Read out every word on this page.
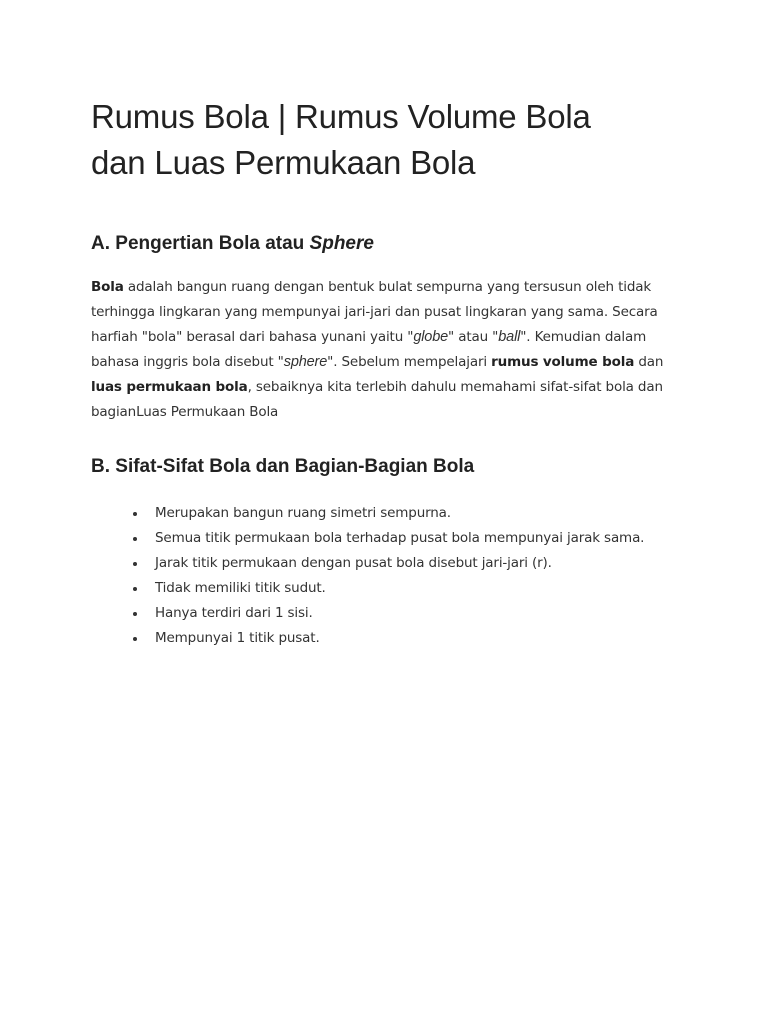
Rumus Bola | Rumus Volume Bola
dan Luas Permukaan Bola
A. Pengertian Bola atau Sphere

Bola adalah bangun ruang dengan bentuk bulat sempurna yang tersusun oleh tidak terhingga lingkaran yang mempunyai jari-jari dan pusat lingkaran yang sama. Secara harfiah "bola" berasal dari bahasa yunani yaitu "globe" atau "ball". Kemudian dalam bahasa inggris bola disebut "sphere". Sebelum mempelajari rumus volume bola dan luas permukaan bola, sebaiknya kita terlebih dahulu memahami sifat-sifat bola dan bagianLuas Permukaan Bola

B. Sifat-Sifat Bola dan Bagian-Bagian Bola
Merupakan bangun ruang simetri sempurna.
Semua titik permukaan bola terhadap pusat bola mempunyai jarak sama.
Jarak titik permukaan dengan pusat bola disebut jari-jari (r).
Tidak memiliki titik sudut.
Hanya terdiri dari 1 sisi.
Mempunyai 1 titik pusat.
